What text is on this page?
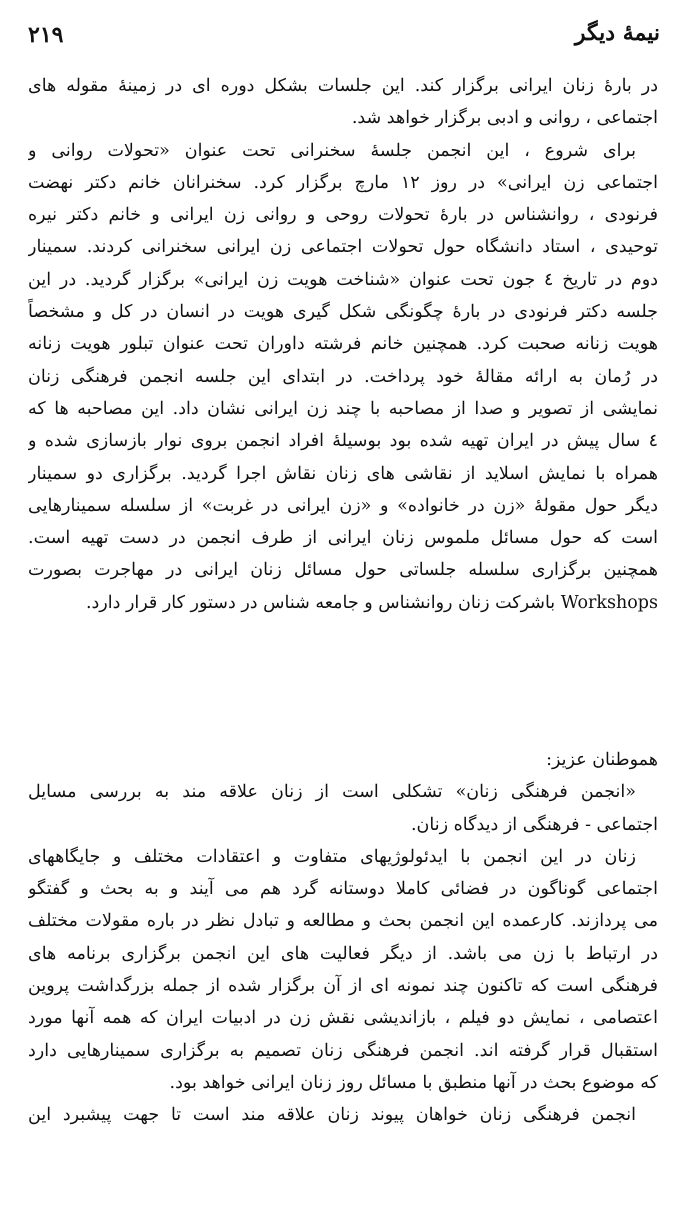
۲۱۹	نیمهٔ دیگر
در بارهٔ زنان ایرانی برگزار کند. این جلسات بشکل دوره ای در زمینهٔ مقوله های
اجتماعی ، روانی و ادبی برگزار خواهد شد.
برای شروع ، این انجمن جلسهٔ سخنرانی تحت عنوان «تحولات روانی و
اجتماعی زن ایرانی» در روز ۱۲ مارچ برگزار کرد. سخنرانان خانم دکتر نهضت
فرنودی ، روانشناس در بارهٔ تحولات روحی و روانی زن ایرانی و خانم دکتر نیره
توحیدی ، استاد دانشگاه حول تحولات اجتماعی زن ایرانی سخنرانی کردند. سمینار
دوم در تاریخ ٤ جون تحت عنوان «شناخت هویت زن ایرانی» برگزار گردید. در این
جلسه دکتر فرنودی در بارهٔ چگونگی شکل گیری هویت در انسان در کل و مشخصاً
هویت زنانه صحبت کرد. همچنین خانم فرشته داوران تحت عنوان تبلور هویت زنانه
در رُمان به ارائه مقالهٔ خود پرداخت. در ابتدای این جلسه انجمن فرهنگی زنان
نمایشی از تصویر و صدا از مصاحبه با چند زن ایرانی نشان داد. این مصاحبه ها که
٤ سال پیش در ایران تهیه شده بود بوسیلهٔ افراد انجمن بروی نوار بازسازی شده و
همراه با نمایش اسلاید از نقاشی های زنان نقاش اجرا گردید. برگزاری دو سمینار
دیگر حول مقولهٔ «زن در خانواده» و «زن ایرانی در غربت» از سلسله سمینارهایی
است که حول مسائل ملموس زنان ایرانی از طرف انجمن در دست تهیه است.
همچنین برگزاری سلسله جلساتی حول مسائل زنان ایرانی در مهاجرت بصورت
Workshops باشرکت زنان روانشناس و جامعه شناس در دستور کار قرار دارد.
هموطنان عزیز:
«انجمن فرهنگی زنان» تشکلی است از زنان علاقه مند به بررسی مسایل
اجتماعی - فرهنگی از دیدگاه زنان.
زنان در این انجمن با ایدئولوژیهای متفاوت و اعتقادات مختلف و جایگاههای
اجتماعی گوناگون در فضائی کاملا دوستانه گرد هم می آیند و به بحث و گفتگو
می پردازند. کارعمده این انجمن بحث و مطالعه و تبادل نظر در باره مقولات مختلف
در ارتباط با زن می باشد. از دیگر فعالیت های این انجمن برگزاری برنامه های
فرهنگی است که تاکنون چند نمونه ای از آن برگزار شده از جمله بزرگداشت پروین
اعتصامی ، نمایش دو فیلم ، بازاندیشی نقش زن در ادبیات ایران که همه آنها مورد
استقبال قرار گرفته اند. انجمن فرهنگی زنان تصمیم به برگزاری سمینارهایی دارد
که موضوع بحث در آنها منطبق با مسائل روز زنان ایرانی خواهد بود.
انجمن فرهنگی زنان خواهان پیوند زنان علاقه مند است تا جهت پیشبرد این
